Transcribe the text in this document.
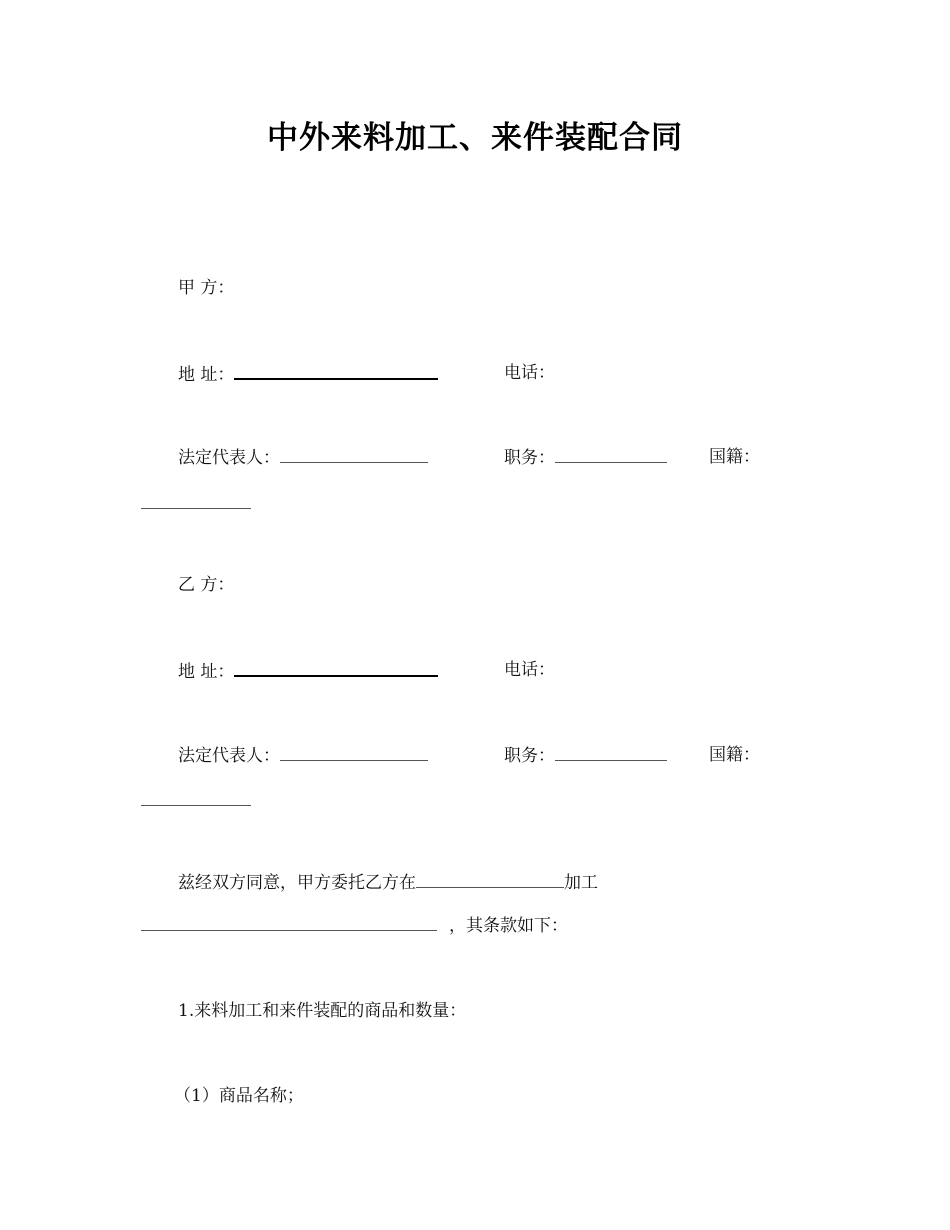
中外来料加工、来件装配合同
甲 方：
地 址：	电话：
法定代表人：	职务：	国籍：
乙 方：
地 址：	电话：
法定代表人：	职务：	国籍：
兹经双方同意，甲方委托乙方在	加工
，其条款如下：
1.来料加工和来件装配的商品和数量：
（1）商品名称；
